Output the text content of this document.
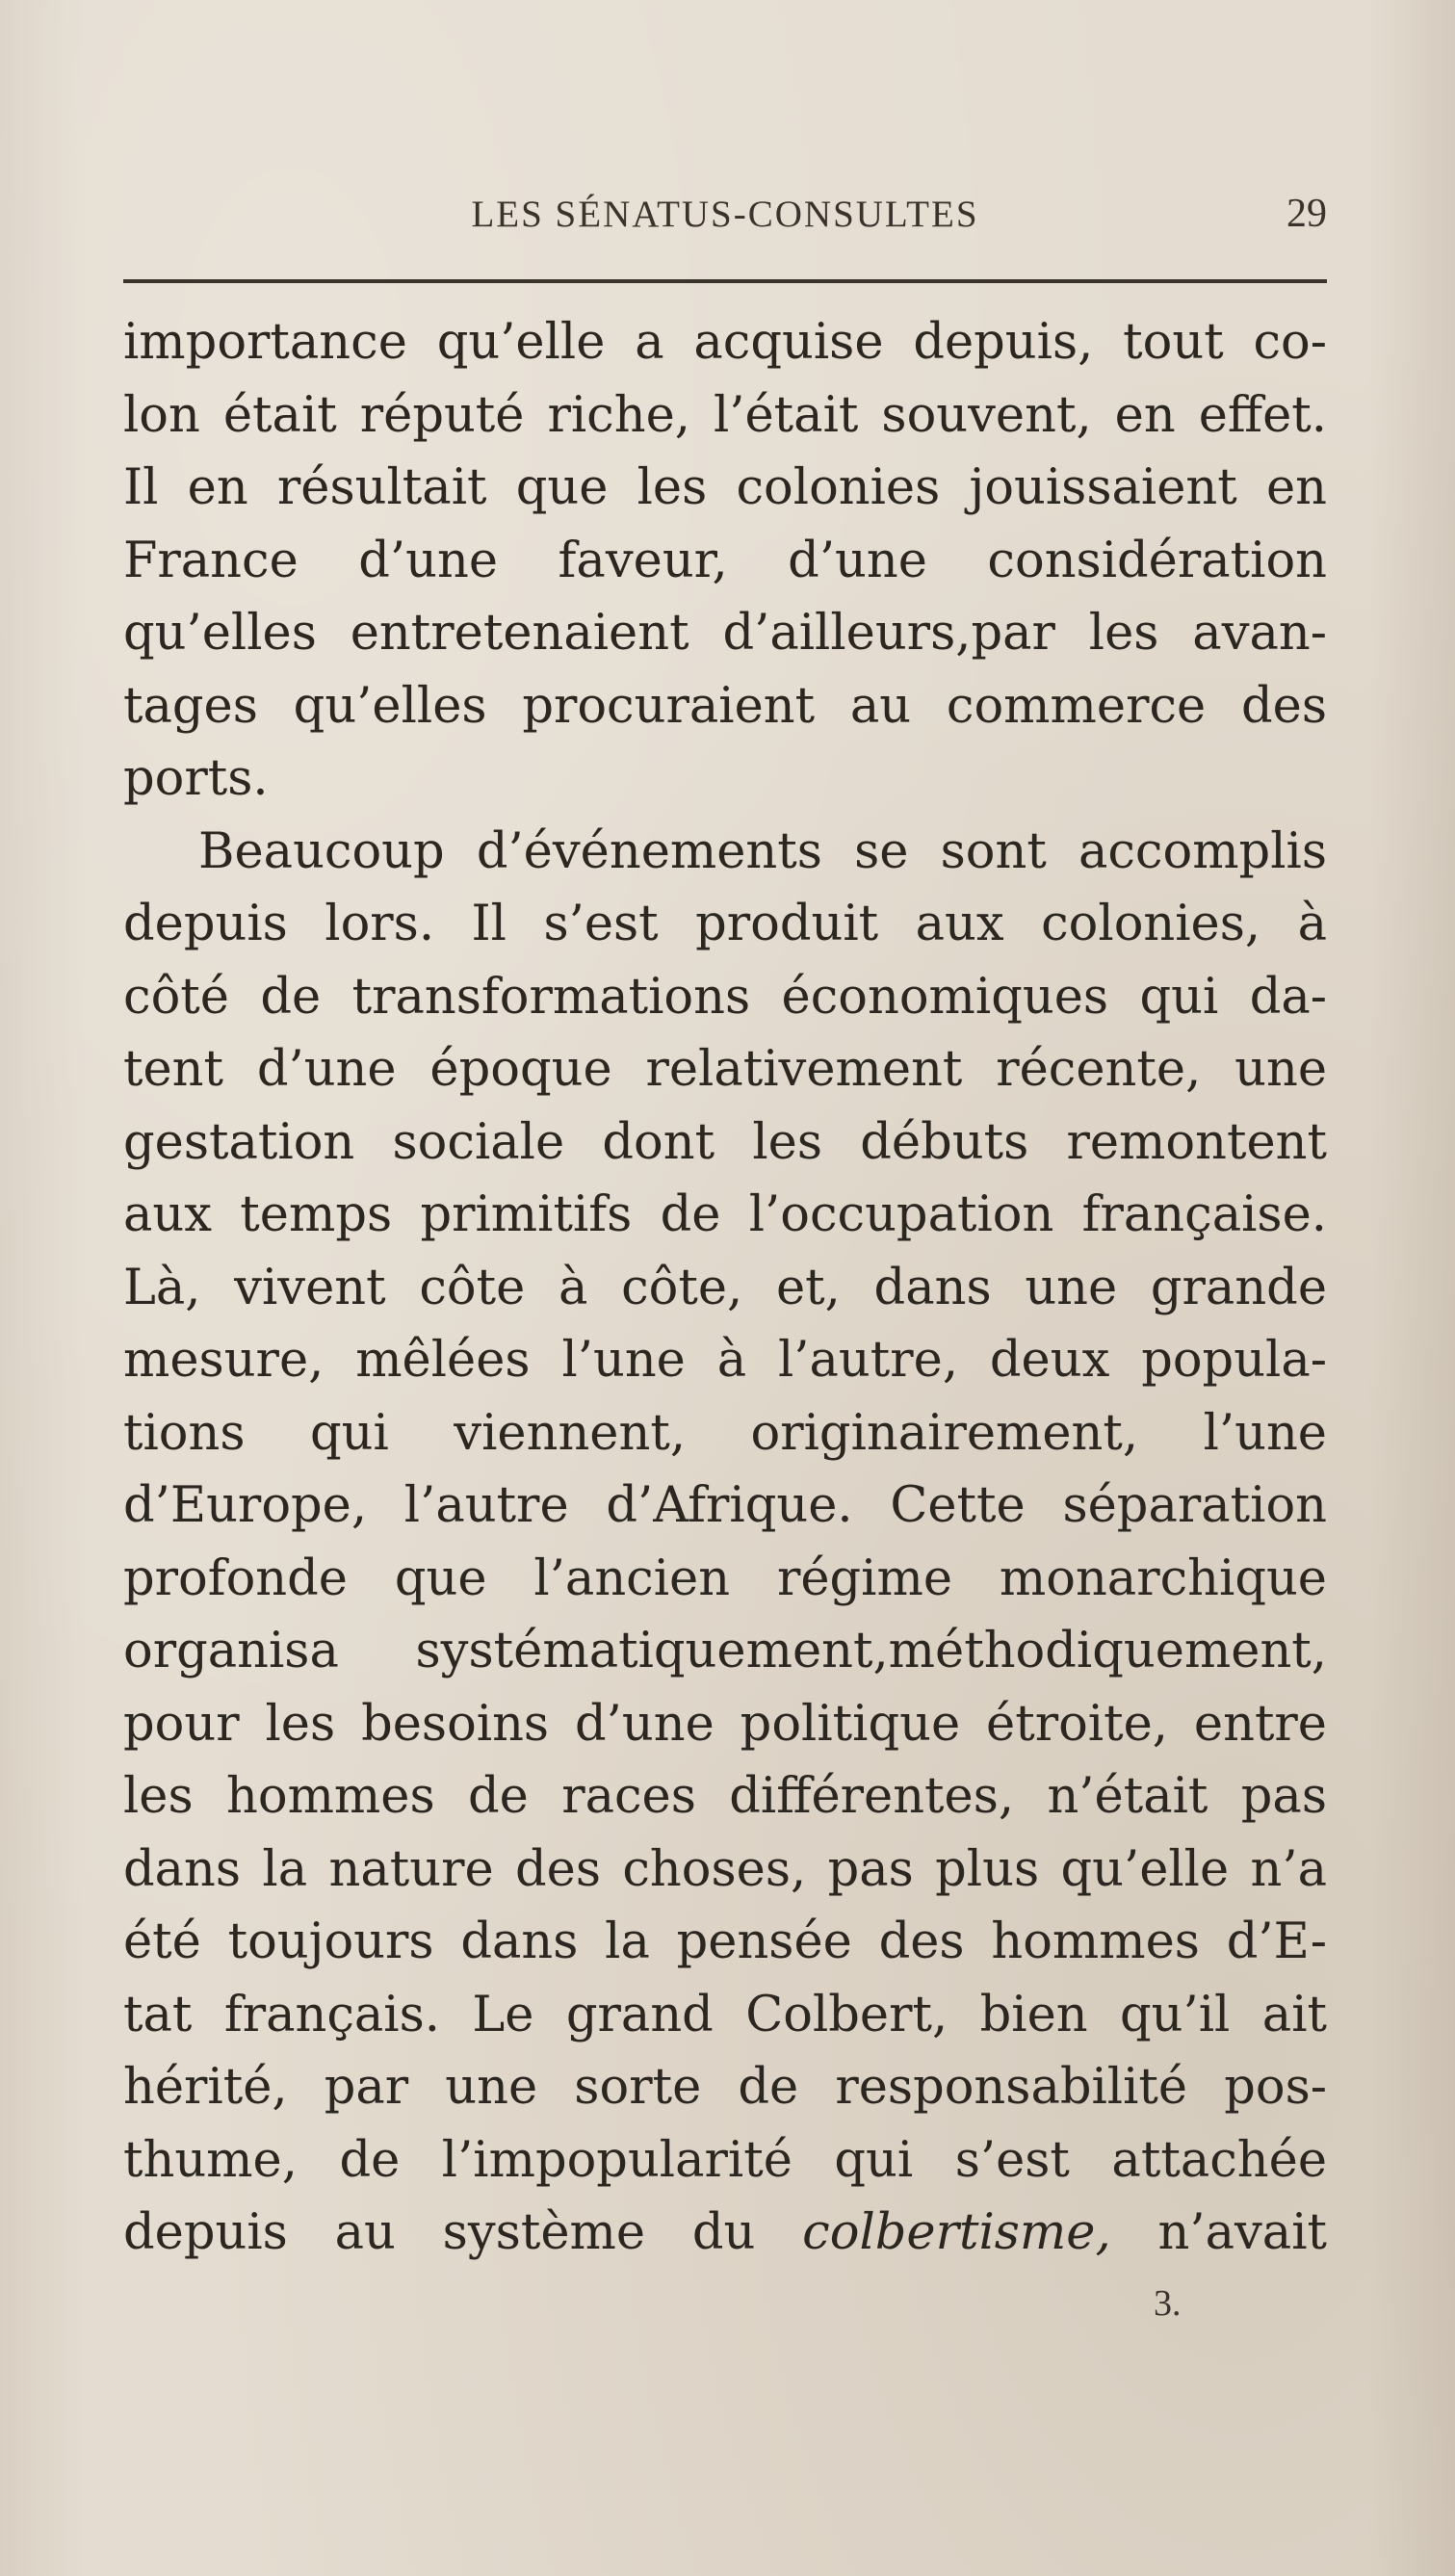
LES SÉNATUS-CONSULTES	29
importance qu’elle a acquise depuis, tout co-
lon était réputé riche, l’était souvent, en effet.
Il en résultait que les colonies jouissaient en
France d’une faveur, d’une considération
qu’elles entretenaient d’ailleurs,par les avan-
tages qu’elles procuraient au commerce des
ports.
Beaucoup d’événements se sont accomplis
depuis lors. Il s’est produit aux colonies, à
côté de transformations économiques qui da-
tent d’une époque relativement récente, une
gestation sociale dont les débuts remontent
aux temps primitifs de l’occupation française.
Là, vivent côte à côte, et, dans une grande
mesure, mêlées l’une à l’autre, deux popula-
tions qui viennent, originairement, l’une
d’Europe, l’autre d’Afrique. Cette séparation
profonde que l’ancien régime monarchique
organisa systématiquement,méthodiquement,
pour les besoins d’une politique étroite, entre
les hommes de races différentes, n’était pas
dans la nature des choses, pas plus qu’elle n’a
été toujours dans la pensée des hommes d’E-
tat français. Le grand Colbert, bien qu’il ait
hérité, par une sorte de responsabilité pos-
thume, de l’impopularité qui s’est attachée
depuis au système du colbertisme, n’avait
3.
